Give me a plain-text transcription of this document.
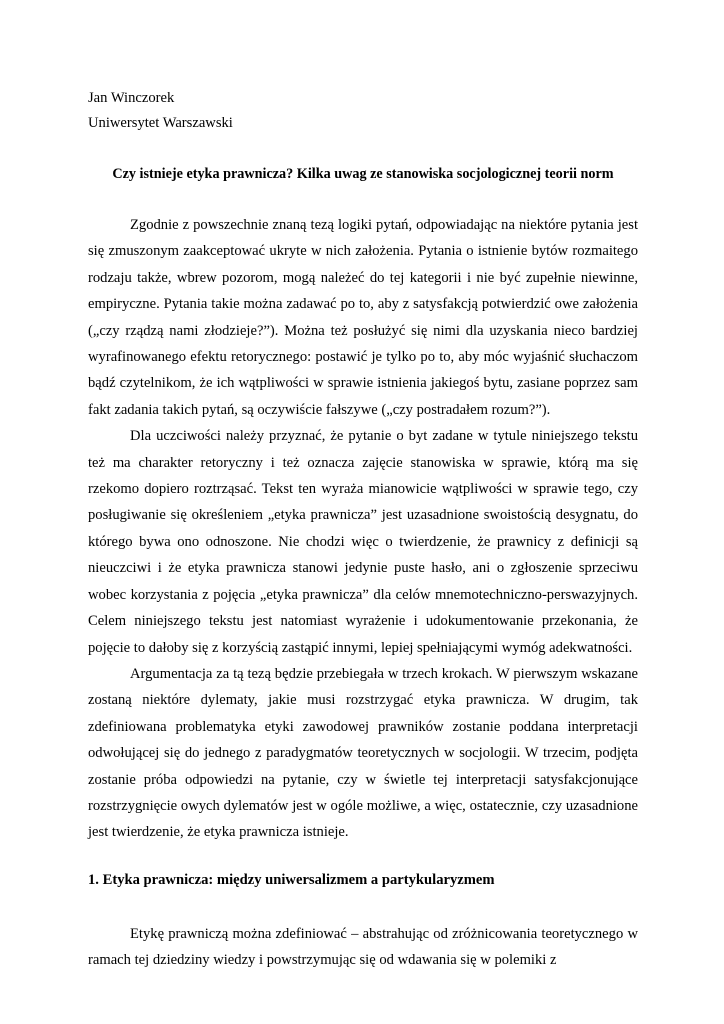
Jan Winczorek

Uniwersytet Warszawski

Czy istnieje etyka prawnicza? Kilka uwag ze stanowiska socjologicznej teorii norm

Zgodnie z powszechnie znaną tezą logiki pytań, odpowiadając na niektóre pytania jest się zmuszonym zaakceptować ukryte w nich założenia. Pytania o istnienie bytów rozmaitego rodzaju także, wbrew pozorom, mogą należeć do tej kategorii i nie być zupełnie niewinne, empiryczne. Pytania takie można zadawać po to, aby z satysfakcją potwierdzić owe założenia („czy rządzą nami złodzieje?”). Można też posłużyć się nimi dla uzyskania nieco bardziej wyrafinowanego efektu retorycznego: postawić je tylko po to, aby móc wyjaśnić słuchaczom bądź czytelnikom, że ich wątpliwości w sprawie istnienia jakiegoś bytu, zasiane poprzez sam fakt zadania takich pytań, są oczywiście fałszywe („czy postradałem rozum?”).

Dla uczciwości należy przyznać, że pytanie o byt zadane w tytule niniejszego tekstu też ma charakter retoryczny i też oznacza zajęcie stanowiska w sprawie, którą ma się rzekomo dopiero roztrząsać. Tekst ten wyraża mianowicie wątpliwości w sprawie tego, czy posługiwanie się określeniem „etyka prawnicza” jest uzasadnione swoistością desygnatu, do którego bywa ono odnoszone. Nie chodzi więc o twierdzenie, że prawnicy z definicji są nieuczciwi i że etyka prawnicza stanowi jedynie puste hasło, ani o zgłoszenie sprzeciwu wobec korzystania z pojęcia „etyka prawnicza” dla celów mnemotechniczno-perswazyjnych. Celem niniejszego tekstu jest natomiast wyrażenie i udokumentowanie przekonania, że pojęcie to dałoby się z korzyścią zastąpić innymi, lepiej spełniającymi wymóg adekwatności.

Argumentacja za tą tezą będzie przebiegała w trzech krokach. W pierwszym wskazane zostaną niektóre dylematy, jakie musi rozstrzygać etyka prawnicza. W drugim, tak zdefiniowana problematyka etyki zawodowej prawników zostanie poddana interpretacji odwołującej się do jednego z paradygmatów teoretycznych w socjologii. W trzecim, podjęta zostanie próba odpowiedzi na pytanie, czy w świetle tej interpretacji satysfakcjonujące rozstrzygnięcie owych dylematów jest w ogóle możliwe, a więc, ostatecznie, czy uzasadnione jest twierdzenie, że etyka prawnicza istnieje.

1. Etyka prawnicza: między uniwersalizmem a partykularyzmem

Etykę prawniczą można zdefiniować – abstrahując od zróżnicowania teoretycznego w ramach tej dziedziny wiedzy i powstrzymując się od wdawania się w polemiki z
